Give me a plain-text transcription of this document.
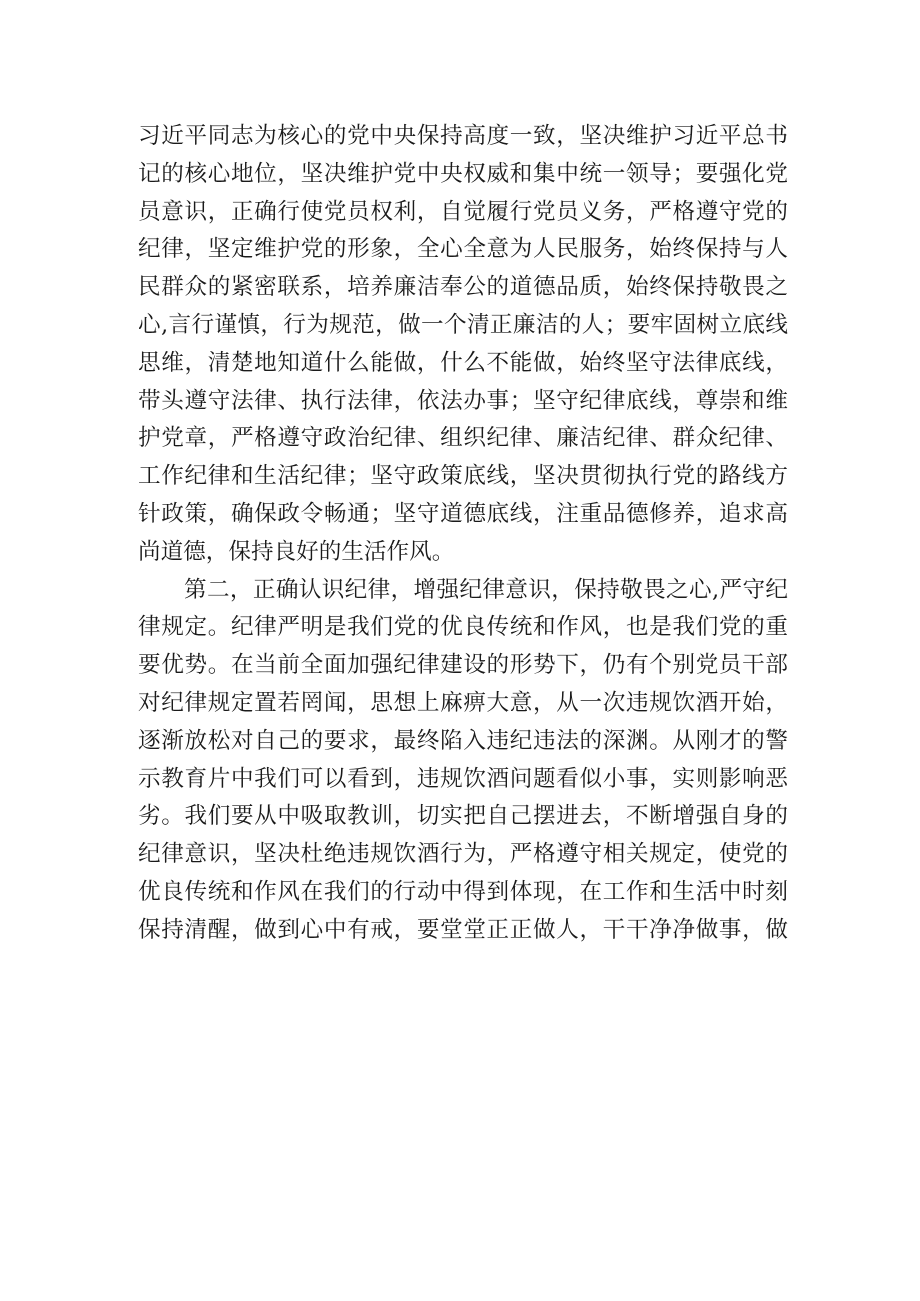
习近平同志为核心的党中央保持高度一致，坚决维护习近平总书
记的核心地位，坚决维护党中央权威和集中统一领导；要强化党
员意识，正确行使党员权利，自觉履行党员义务，严格遵守党的
纪律，坚定维护党的形象，全心全意为人民服务，始终保持与人
民群众的紧密联系，培养廉洁奉公的道德品质，始终保持敬畏之
心,言行谨慎，行为规范，做一个清正廉洁的人；要牢固树立底线
思维，清楚地知道什么能做，什么不能做，始终坚守法律底线，
带头遵守法律、执行法律，依法办事；坚守纪律底线，尊崇和维
护党章，严格遵守政治纪律、组织纪律、廉洁纪律、群众纪律、
工作纪律和生活纪律；坚守政策底线，坚决贯彻执行党的路线方
针政策，确保政令畅通；坚守道德底线，注重品德修养，追求高
尚道德，保持良好的生活作风。
第二，正确认识纪律，增强纪律意识，保持敬畏之心,严守纪
律规定。纪律严明是我们党的优良传统和作风，也是我们党的重
要优势。在当前全面加强纪律建设的形势下，仍有个别党员干部
对纪律规定置若罔闻，思想上麻痹大意，从一次违规饮酒开始，
逐渐放松对自己的要求，最终陷入违纪违法的深渊。从刚才的警
示教育片中我们可以看到，违规饮酒问题看似小事，实则影响恶
劣。我们要从中吸取教训，切实把自己摆进去，不断增强自身的
纪律意识，坚决杜绝违规饮酒行为，严格遵守相关规定，使党的
优良传统和作风在我们的行动中得到体现，在工作和生活中时刻
保持清醒，做到心中有戒，要堂堂正正做人，干干净净做事，做
